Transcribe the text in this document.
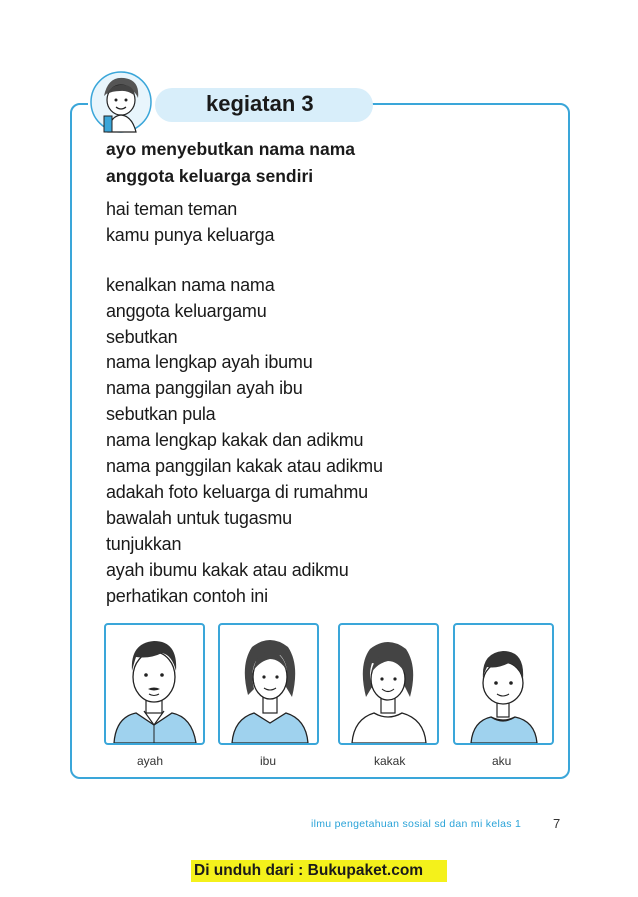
kegiatan 3
ayo menyebutkan nama nama
anggota keluarga sendiri
hai teman teman
kamu punya keluarga
kenalkan nama nama
anggota keluargamu
sebutkan
nama lengkap ayah ibumu
nama panggilan ayah ibu
sebutkan pula
nama lengkap kakak dan adikmu
nama panggilan kakak atau adikmu
adakah foto keluarga di rumahmu
bawalah untuk tugasmu
tunjukkan
ayah ibumu kakak atau adikmu
perhatikan contoh ini
ayah	ibu	kakak	aku
ilmu pengetahuan sosial sd dan mi kelas 1 7
Di unduh dari : Bukupaket.com
